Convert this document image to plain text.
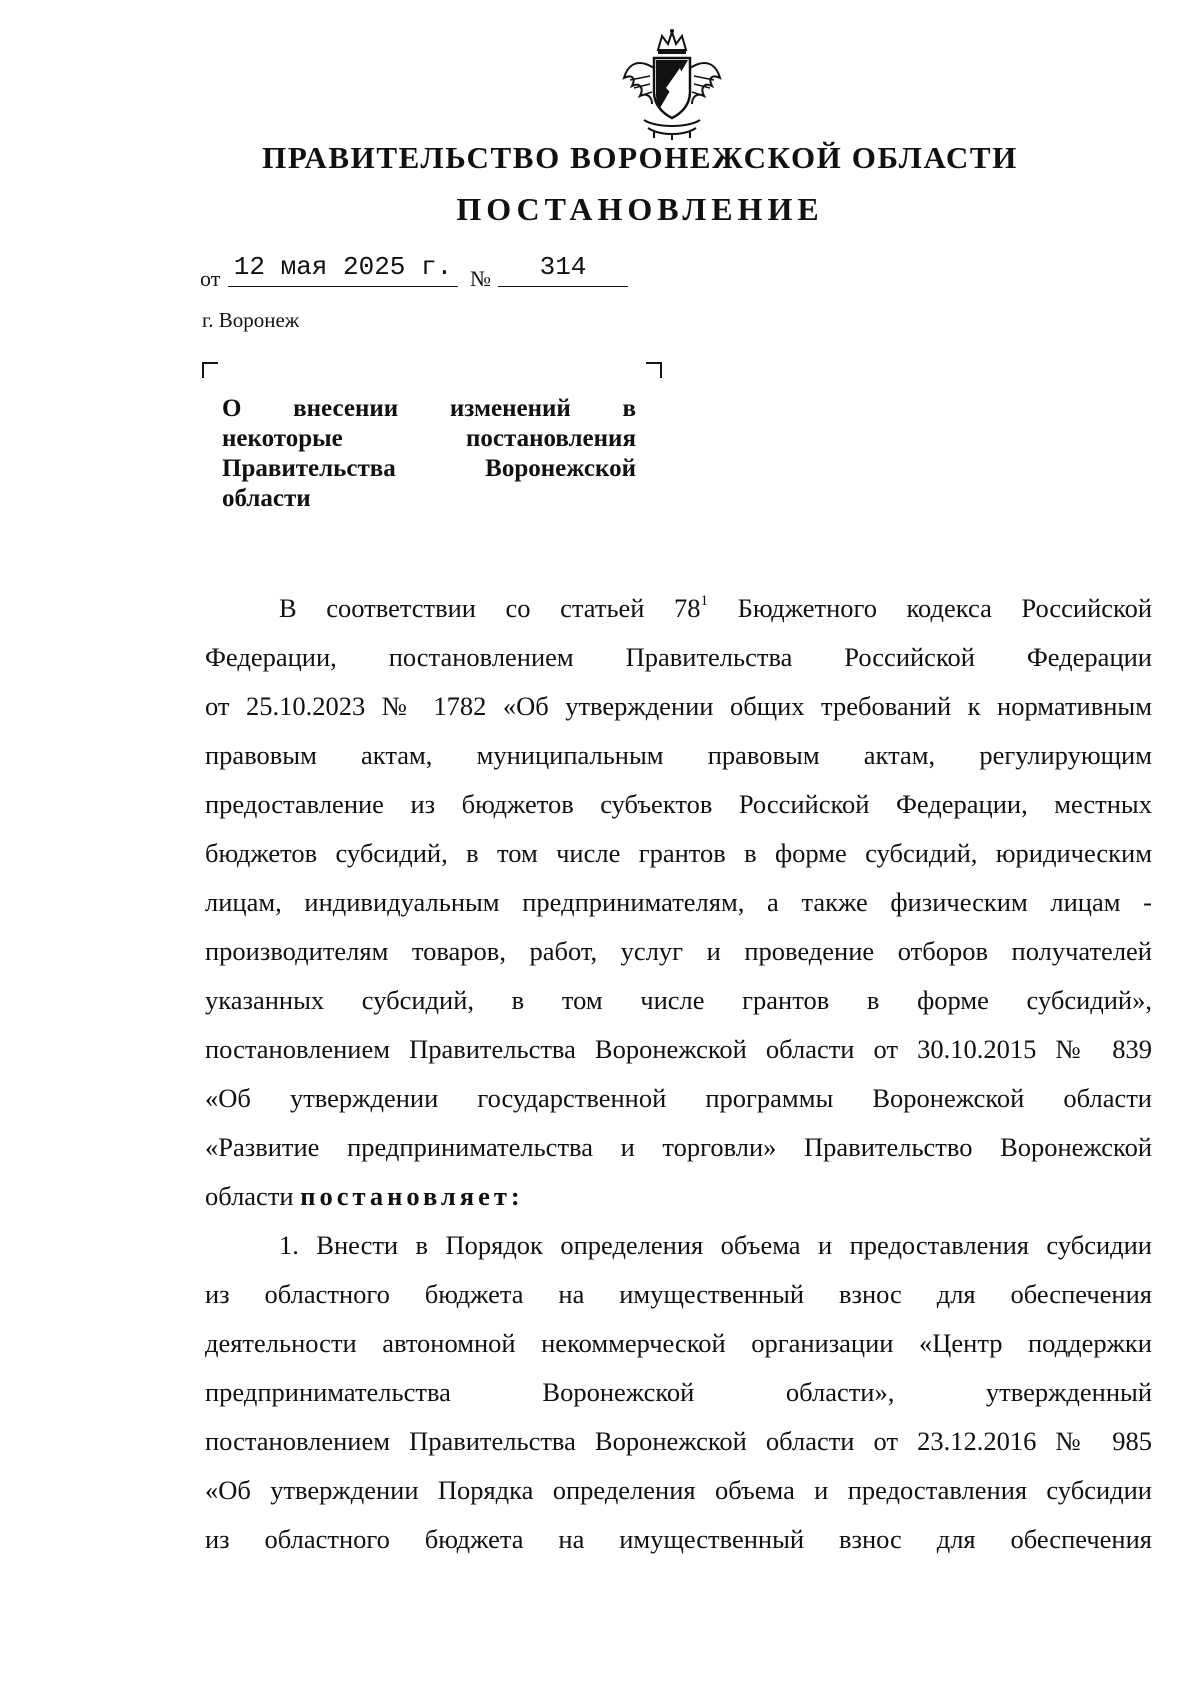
ПРАВИТЕЛЬСТВО ВОРОНЕЖСКОЙ ОБЛАСТИ
ПОСТАНОВЛЕНИЕ
от 12 мая 2025 г. №	314
г. Воронеж
О внесении изменений в
некоторые постановления
Правительства Воронежской
области
В соответствии со статьей $78^1$ Бюджетного кодекса Российской
Федерации, постановлением Правительства Российской Федерации
от 25.10.2023 № 1782 «Об утверждении общих требований к нормативным
правовым актам, муниципальным правовым актам, регулирующим
предоставление из бюджетов субъектов Российской Федерации, местных
бюджетов субсидий, в том числе грантов в форме субсидий, юридическим
лицам, индивидуальным предпринимателям, а также физическим лицам -
производителям товаров, работ, услуг и проведение отборов получателей
указанных субсидий, в том числе грантов в форме субсидий»,
постановлением Правительства Воронежской области от 30.10.2015 № 839
«Об утверждении государственной программы Воронежской области
«Развитие предпринимательства и торговли» Правительство Воронежской
области постановляет:
1. Внести в Порядок определения объема и предоставления субсидии
из областного бюджета на имущественный взнос для обеспечения
деятельности автономной некоммерческой организации «Центр поддержки
предпринимательства Воронежской области», утвержденный
постановлением Правительства Воронежской области от 23.12.2016 № 985
«Об утверждении Порядка определения объема и предоставления субсидии
из областного бюджета на имущественный взнос для обеспечения
